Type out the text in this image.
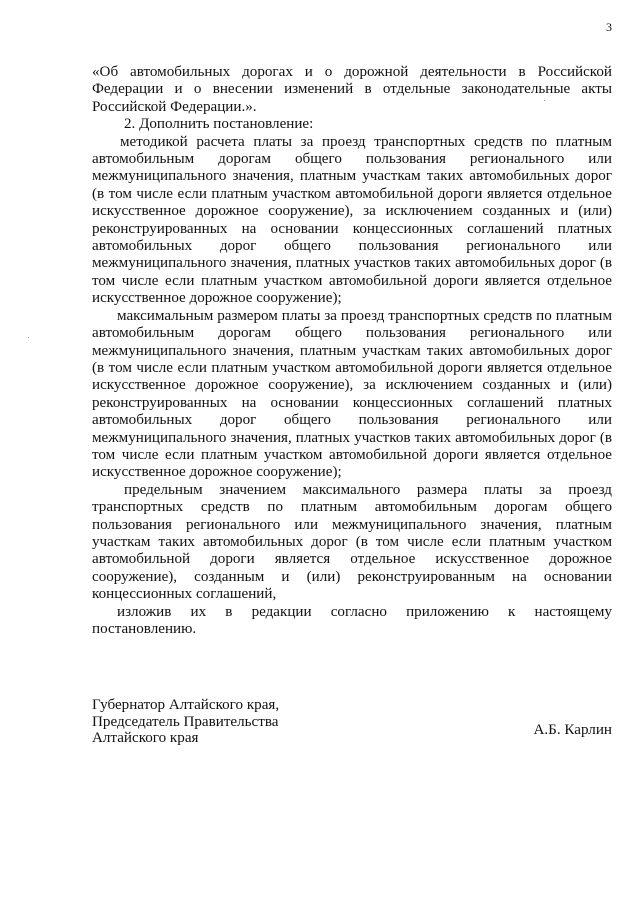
3

«Об автомобильных дорогах и о дорожной деятельности в Российской Федерации и о внесении изменений в отдельные законодательные акты Российской Федерации.».

2. Дополнить постановление:

методикой расчета платы за проезд транспортных средств по платным автомобильным дорогам общего пользования регионального или межмуниципального значения, платным участкам таких автомобильных дорог (в том числе если платным участком автомобильной дороги является отдельное искусственное дорожное сооружение), за исключением созданных и (или) реконструированных на основании концессионных соглашений платных автомобильных дорог общего пользования регионального или межмуниципального значения, платных участков таких автомобильных дорог (в том числе если платным участком автомобильной дороги является отдельное искусственное дорожное сооружение);

максимальным размером платы за проезд транспортных средств по платным автомобильным дорогам общего пользования регионального или межмуниципального значения, платным участкам таких автомобильных дорог (в том числе если платным участком автомобильной дороги является отдельное искусственное дорожное сооружение), за исключением созданных и (или) реконструированных на основании концессионных соглашений платных автомобильных дорог общего пользования регионального или межмуниципального значения, платных участков таких автомобильных дорог (в том числе если платным участком автомобильной дороги является отдельное искусственное дорожное сооружение);

предельным значением максимального размера платы за проезд транспортных средств по платным автомобильным дорогам общего пользования регионального или межмуниципального значения, платным участкам таких автомобильных дорог (в том числе если платным участком автомобильной дороги является отдельное искусственное дорожное сооружение), созданным и (или) реконструированным на основании концессионных соглашений,

изложив их в редакции согласно приложению к настоящему постановлению.

Губернатор Алтайского края,
Председатель Правительства
Алтайского края	А.Б. Карлин
